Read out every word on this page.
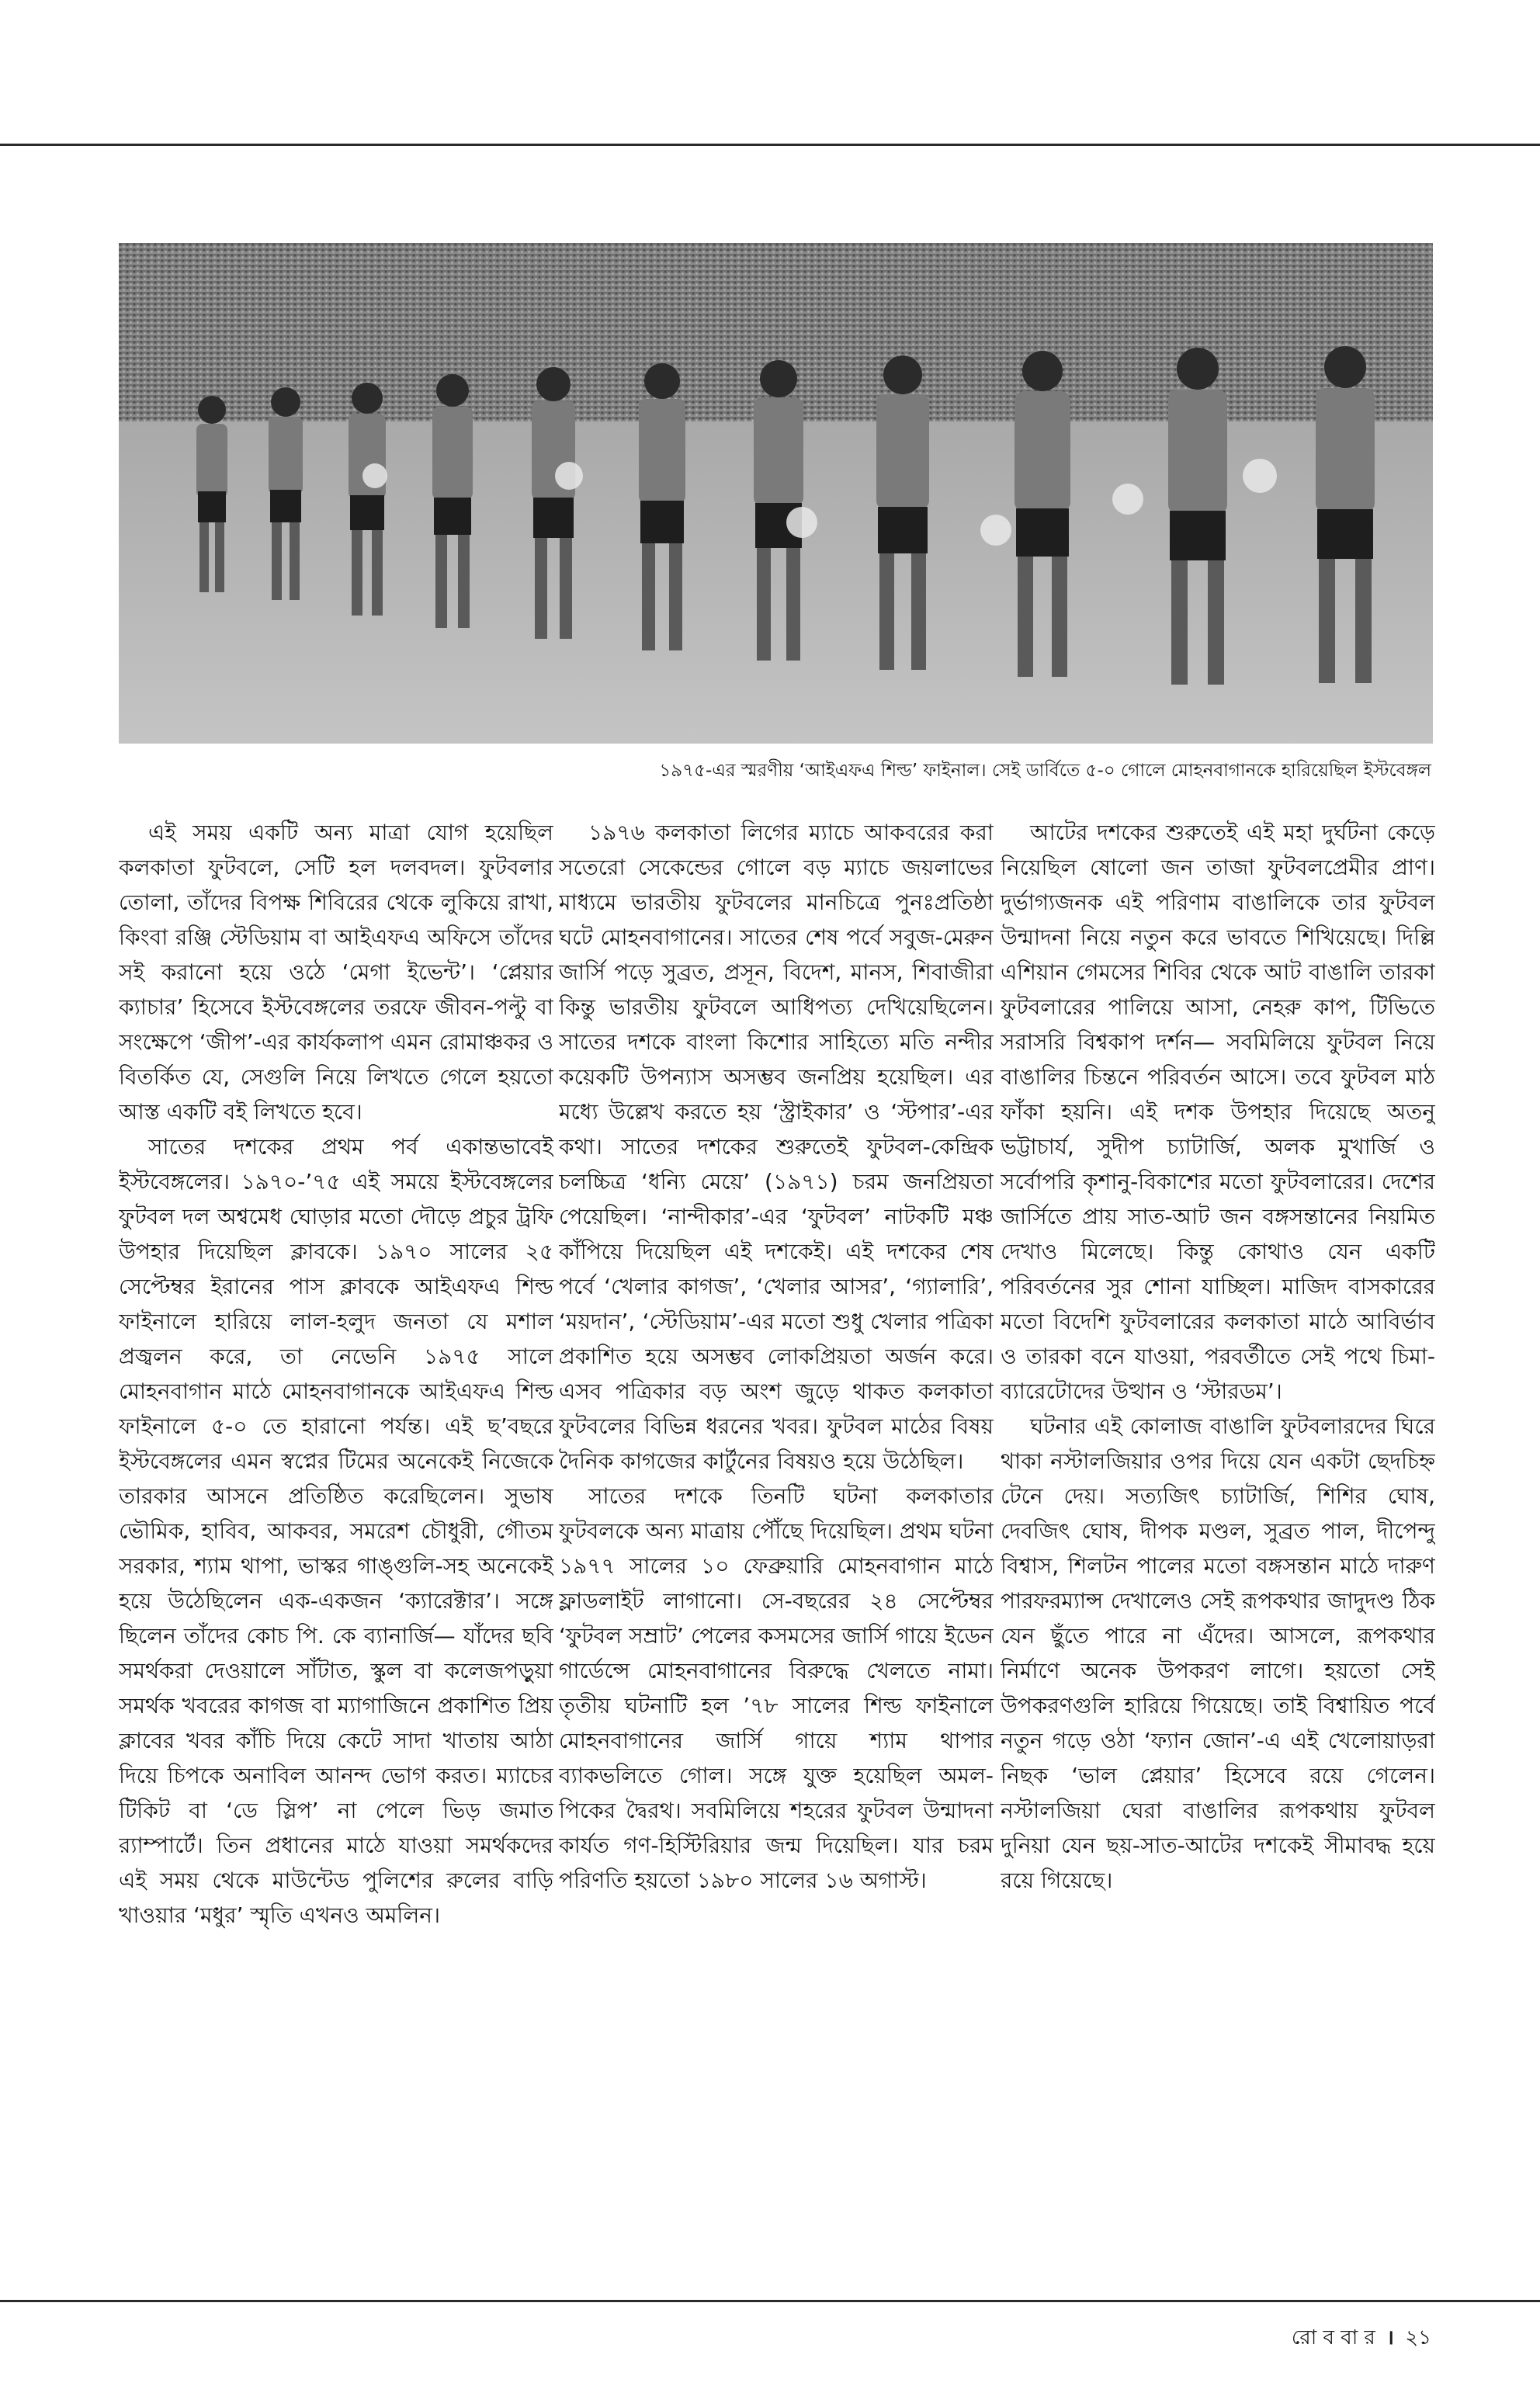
১৯৭৫-এর স্মরণীয় ‘আইএফএ শিল্ড’ ফাইনাল। সেই ডার্বিতে ৫-০ গোলে মোহনবাগানকে হারিয়েছিল ইস্টবেঙ্গল

এই সময় একটি অন্য মাত্রা যোগ হয়েছিল কলকাতা ফুটবলে, সেটি হল দলবদল। ফুটবলার তোলা, তাঁদের বিপক্ষ শিবিরের থেকে লুকিয়ে রাখা, কিংবা রঞ্জি স্টেডিয়াম বা আইএফএ অফিসে তাঁদের সই করানো হয়ে ওঠে ‘মেগা ইভেন্ট’। ‘প্লেয়ার ক্যাচার’ হিসেবে ইস্টবেঙ্গলের তরফে জীবন-পল্টু বা সংক্ষেপে ‘জীপ’-এর কার্যকলাপ এমন রোমাঞ্চকর ও বিতর্কিত যে, সেগুলি নিয়ে লিখতে গেলে হয়তো আস্ত একটি বই লিখতে হবে।

সাতের দশকের প্রথম পর্ব একান্তভাবেই ইস্টবেঙ্গলের। ১৯৭০-’৭৫ এই সময়ে ইস্টবেঙ্গলের ফুটবল দল অশ্বমেধ ঘোড়ার মতো দৌড়ে প্রচুর ট্রফি উপহার দিয়েছিল ক্লাবকে। ১৯৭০ সালের ২৫ সেপ্টেম্বর ইরানের পাস ক্লাবকে আইএফএ শিল্ড ফাইনালে হারিয়ে লাল-হলুদ জনতা যে মশাল প্রজ্বলন করে, তা নেভেনি ১৯৭৫ সালে মোহনবাগান মাঠে মোহনবাগানকে আইএফএ শিল্ড ফাইনালে ৫-০ তে হারানো পর্যন্ত। এই ছ’বছরে ইস্টবেঙ্গলের এমন স্বপ্নের টিমের অনেকেই নিজেকে তারকার আসনে প্রতিষ্ঠিত করেছিলেন। সুভাষ ভৌমিক, হাবিব, আকবর, সমরেশ চৌধুরী, গৌতম সরকার, শ্যাম থাপা, ভাস্কর গাঙ্গুলি-সহ অনেকেই হয়ে উঠেছিলেন এক-একজন ‘ক্যারেক্টার’। সঙ্গে ছিলেন তাঁদের কোচ পি. কে ব্যানার্জি— যাঁদের ছবি সমর্থকরা দেওয়ালে সাঁটাত, স্কুল বা কলেজপড়ুয়া সমর্থক খবরের কাগজ বা ম্যাগাজিনে প্রকাশিত প্রিয় ক্লাবের খবর কাঁচি দিয়ে কেটে সাদা খাতায় আঠা দিয়ে চিপকে অনাবিল আনন্দ ভোগ করত। ম্যাচের টিকিট বা ‘ডে স্লিপ’ না পেলে ভিড় জমাত র‍্যাম্পার্টে। তিন প্রধানের মাঠে যাওয়া সমর্থকদের এই সময় থেকে মাউন্টেড পুলিশের রুলের বাড়ি খাওয়ার ‘মধুর’ স্মৃতি এখনও অমলিন।

১৯৭৬ কলকাতা লিগের ম্যাচে আকবরের করা সতেরো সেকেন্ডের গোলে বড় ম্যাচে জয়লাভের মাধ্যমে ভারতীয় ফুটবলের মানচিত্রে পুনঃপ্রতিষ্ঠা ঘটে মোহনবাগানের। সাতের শেষ পর্বে সবুজ-মেরুন জার্সি পড়ে সুব্রত, প্রসূন, বিদেশ, মানস, শিবাজীরা কিন্তু ভারতীয় ফুটবলে আধিপত্য দেখিয়েছিলেন। সাতের দশকে বাংলা কিশোর সাহিত্যে মতি নন্দীর কয়েকটি উপন্যাস অসম্ভব জনপ্রিয় হয়েছিল। এর মধ্যে উল্লেখ করতে হয় ‘স্ট্রাইকার’ ও ‘স্টপার’-এর কথা। সাতের দশকের শুরুতেই ফুটবল-কেন্দ্রিক চলচ্চিত্র ‘ধন্যি মেয়ে’ (১৯৭১) চরম জনপ্রিয়তা পেয়েছিল। ‘নান্দীকার’-এর ‘ফুটবল’ নাটকটি মঞ্চ কাঁপিয়ে দিয়েছিল এই দশকেই। এই দশকের শেষ পর্বে ‘খেলার কাগজ’, ‘খেলার আসর’, ‘গ্যালারি’, ‘ময়দান’, ‘স্টেডিয়াম’-এর মতো শুধু খেলার পত্রিকা প্রকাশিত হয়ে অসম্ভব লোকপ্রিয়তা অর্জন করে। এসব পত্রিকার বড় অংশ জুড়ে থাকত কলকাতা ফুটবলের বিভিন্ন ধরনের খবর। ফুটবল মাঠের বিষয় দৈনিক কাগজের কার্টুনের বিষয়ও হয়ে উঠেছিল।

সাতের দশকে তিনটি ঘটনা কলকাতার ফুটবলকে অন্য মাত্রায় পৌঁছে দিয়েছিল। প্রথম ঘটনা ১৯৭৭ সালের ১০ ফেব্রুয়ারি মোহনবাগান মাঠে ফ্লাডলাইট লাগানো। সে-বছরের ২৪ সেপ্টেম্বর ‘ফুটবল সম্রাট’ পেলের কসমসের জার্সি গায়ে ইডেন গার্ডেন্সে মোহনবাগানের বিরুদ্ধে খেলতে নামা। তৃতীয় ঘটনাটি হল ’৭৮ সালের শিল্ড ফাইনালে মোহনবাগানের জার্সি গায়ে শ্যাম থাপার ব্যাকভলিতে গোল। সঙ্গে যুক্ত হয়েছিল অমল-পিকের দ্বৈরথ। সবমিলিয়ে শহরের ফুটবল উন্মাদনা কার্যত গণ-হিস্টিরিয়ার জন্ম দিয়েছিল। যার চরম পরিণতি হয়তো ১৯৮০ সালের ১৬ অগাস্ট।

আটের দশকের শুরুতেই এই মহা দুর্ঘটনা কেড়ে নিয়েছিল ষোলো জন তাজা ফুটবলপ্রেমীর প্রাণ। দুর্ভাগ্যজনক এই পরিণাম বাঙালিকে তার ফুটবল উন্মাদনা নিয়ে নতুন করে ভাবতে শিখিয়েছে। দিল্লি এশিয়ান গেমসের শিবির থেকে আট বাঙালি তারকা ফুটবলারের পালিয়ে আসা, নেহরু কাপ, টিভিতে সরাসরি বিশ্বকাপ দর্শন— সবমিলিয়ে ফুটবল নিয়ে বাঙালির চিন্তনে পরিবর্তন আসে। তবে ফুটবল মাঠ ফাঁকা হয়নি। এই দশক উপহার দিয়েছে অতনু ভট্টাচার্য, সুদীপ চ্যাটার্জি, অলক মুখার্জি ও সর্বোপরি কৃশানু-বিকাশের মতো ফুটবলারের। দেশের জার্সিতে প্রায় সাত-আট জন বঙ্গসন্তানের নিয়মিত দেখাও মিলেছে। কিন্তু কোথাও যেন একটি পরিবর্তনের সুর শোনা যাচ্ছিল। মাজিদ বাসকারের মতো বিদেশি ফুটবলারের কলকাতা মাঠে আবির্ভাব ও তারকা বনে যাওয়া, পরবর্তীতে সেই পথে চিমা-ব্যারেটোদের উত্থান ও ‘স্টারডম’।

ঘটনার এই কোলাজ বাঙালি ফুটবলারদের ঘিরে থাকা নস্টালজিয়ার ওপর দিয়ে যেন একটা ছেদচিহ্ন টেনে দেয়। সত্যজিৎ চ্যাটার্জি, শিশির ঘোষ, দেবজিৎ ঘোষ, দীপক মণ্ডল, সুব্রত পাল, দীপেন্দু বিশ্বাস, শিলটন পালের মতো বঙ্গসন্তান মাঠে দারুণ পারফরম্যান্স দেখালেও সেই রূপকথার জাদুদণ্ড ঠিক যেন ছুঁতে পারে না এঁদের। আসলে, রূপকথার নির্মাণে অনেক উপকরণ লাগে। হয়তো সেই উপকরণগুলি হারিয়ে গিয়েছে। তাই বিশ্বায়িত পর্বে নতুন গড়ে ওঠা ‘ফ্যান জোন’-এ এই খেলোয়াড়রা নিছক ‘ভাল প্লেয়ার’ হিসেবে রয়ে গেলেন। নস্টালজিয়া ঘেরা বাঙালির রূপকথায় ফুটবল দুনিয়া যেন ছয়-সাত-আটের দশকেই সীমাবদ্ধ হয়ে রয়ে গিয়েছে।

রো ব বা র । ২১
